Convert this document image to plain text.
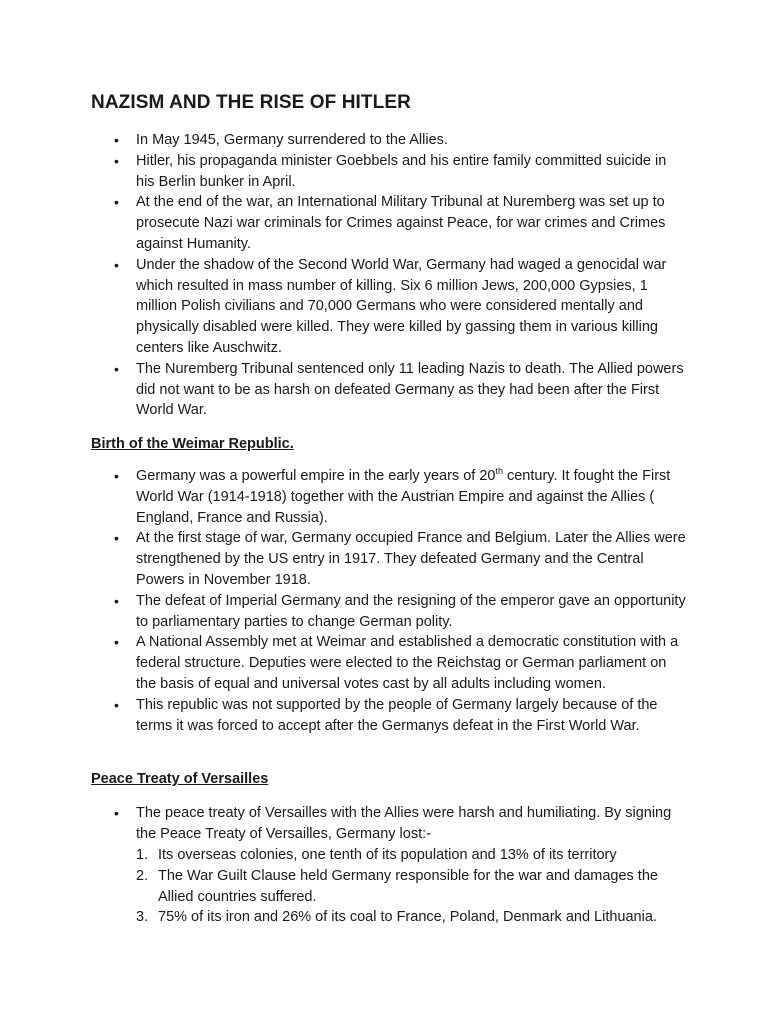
NAZISM AND THE RISE OF HITLER
• In May 1945, Germany surrendered to the Allies.
• Hitler, his propaganda minister Goebbels and his entire family committed suicide in his Berlin bunker in April.
• At the end of the war, an International Military Tribunal at Nuremberg was set up to prosecute Nazi war criminals for Crimes against Peace, for war crimes and Crimes against Humanity.
• Under the shadow of the Second World War, Germany had waged a genocidal war which resulted in mass number of killing. Six 6 million Jews, 200,000 Gypsies, 1 million Polish civilians and 70,000 Germans who were considered mentally and physically disabled were killed. They were killed by gassing them in various killing centers like Auschwitz.
• The Nuremberg Tribunal sentenced only 11 leading Nazis to death. The Allied powers did not want to be as harsh on defeated Germany as they had been after the First World War.
Birth of the Weimar Republic.
• Germany was a powerful empire in the early years of 20th century. It fought the First World War (1914-1918) together with the Austrian Empire and against the Allies ( England, France and Russia).
• At the first stage of war, Germany occupied France and Belgium. Later the Allies were strengthened by the US entry in 1917. They defeated Germany and the Central Powers in November 1918.
• The defeat of Imperial Germany and the resigning of the emperor gave an opportunity to parliamentary parties to change German polity.
• A National Assembly met at Weimar and established a democratic constitution with a federal structure. Deputies were elected to the Reichstag or German parliament on the basis of equal and universal votes cast by all adults including women.
• This republic was not supported by the people of Germany largely because of the terms it was forced to accept after the Germanys defeat in the First World War.
Peace Treaty of Versailles
• The peace treaty of Versailles with the Allies were harsh and humiliating. By signing the Peace Treaty of Versailles, Germany lost:-
1. Its overseas colonies, one tenth of its population and 13% of its territory
2. The War Guilt Clause held Germany responsible for the war and damages the Allied countries suffered.
3. 75% of its iron and 26% of its coal to France, Poland, Denmark and Lithuania.
